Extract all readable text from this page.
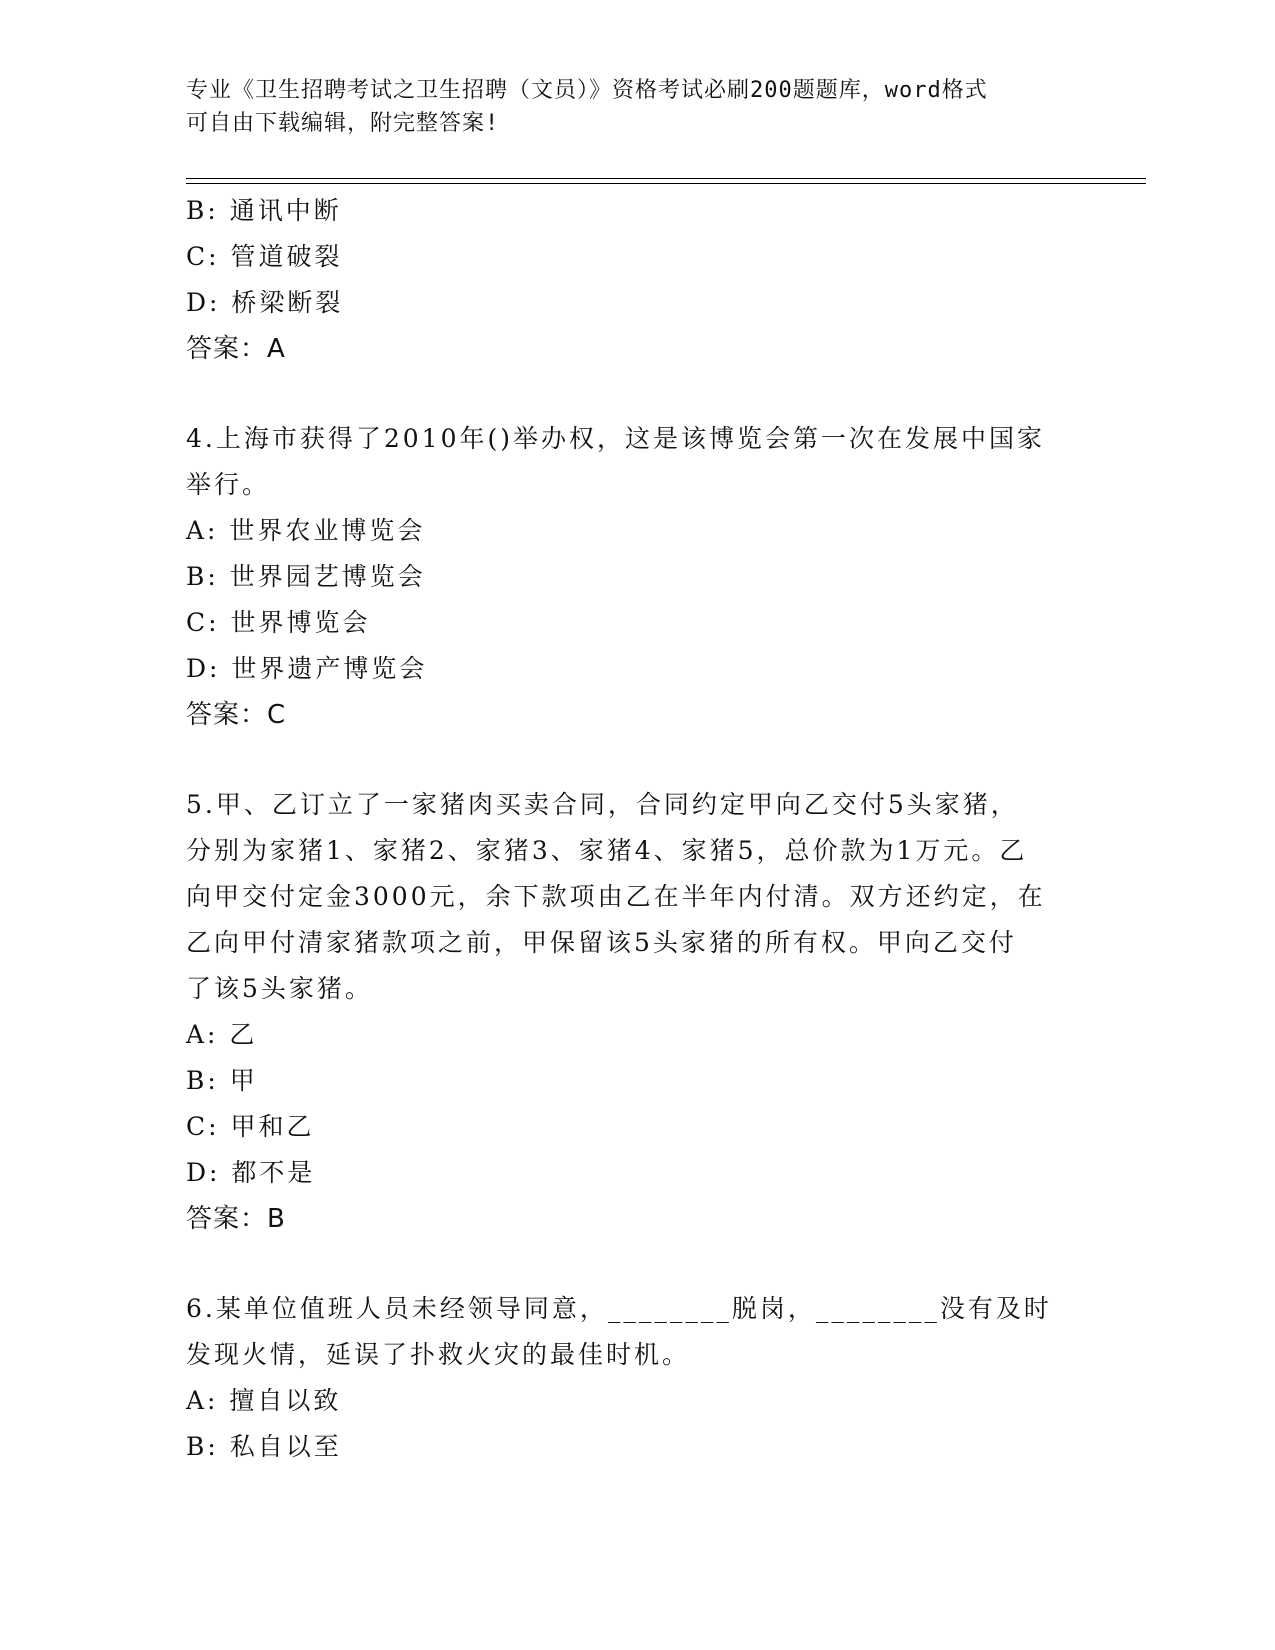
专业《卫生招聘考试之卫生招聘（文员）》资格考试必刷200题题库，word格式
可自由下载编辑，附完整答案!
B: 通讯中断
C: 管道破裂
D: 桥梁断裂
答案：A
4.上海市获得了2010年()举办权，这是该博览会第一次在发展中国家
举行。
A: 世界农业博览会
B: 世界园艺博览会
C: 世界博览会
D: 世界遗产博览会
答案：C
5.甲、乙订立了一家猪肉买卖合同，合同约定甲向乙交付5头家猪，
分别为家猪1、家猪2、家猪3、家猪4、家猪5，总价款为1万元。乙
向甲交付定金3000元，余下款项由乙在半年内付清。双方还约定，在
乙向甲付清家猪款项之前，甲保留该5头家猪的所有权。甲向乙交付
了该5头家猪。
A: 乙
B: 甲
C: 甲和乙
D: 都不是
答案：B
6.某单位值班人员未经领导同意，________脱岗，________没有及时
发现火情，延误了扑救火灾的最佳时机。
A: 擅自以致
B: 私自以至
